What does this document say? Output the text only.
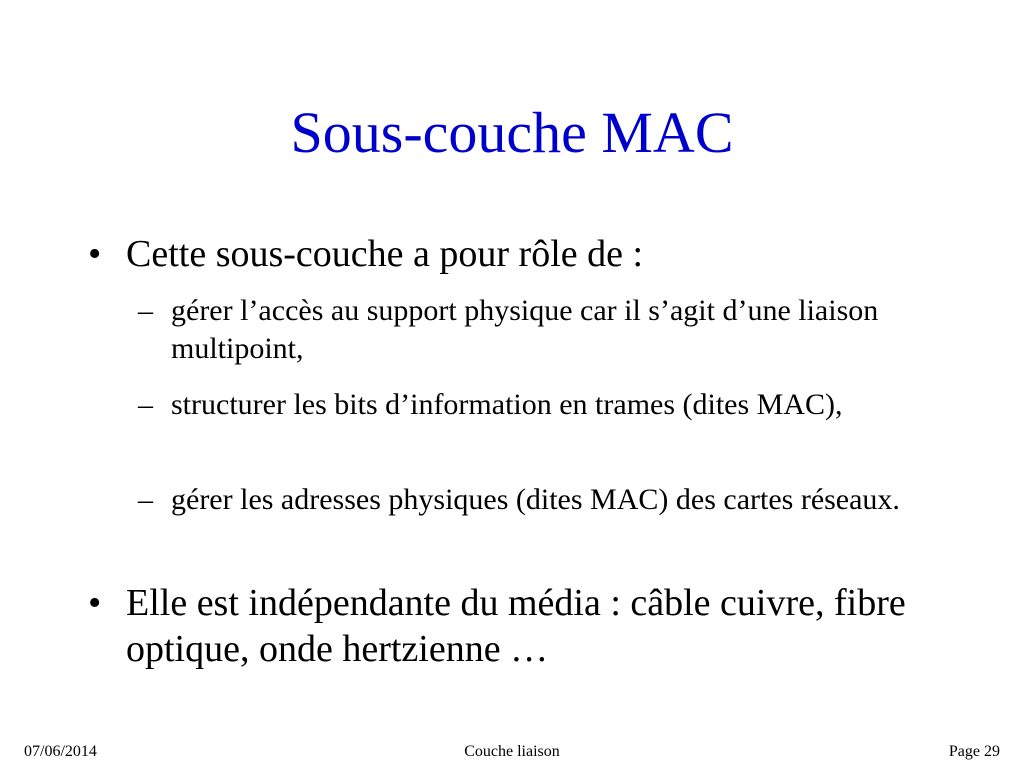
Sous-couche MAC
• Cette sous-couche a pour rôle de :
– gérer l’accès au support physique car il s’agit d’une liaison multipoint,
– structurer les bits d’information en trames (dites MAC),
– gérer les adresses physiques (dites MAC) des cartes réseaux.
• Elle est indépendante du média : câble cuivre, fibre optique, onde hertzienne …
07/06/2014	Couche liaison	Page 29
